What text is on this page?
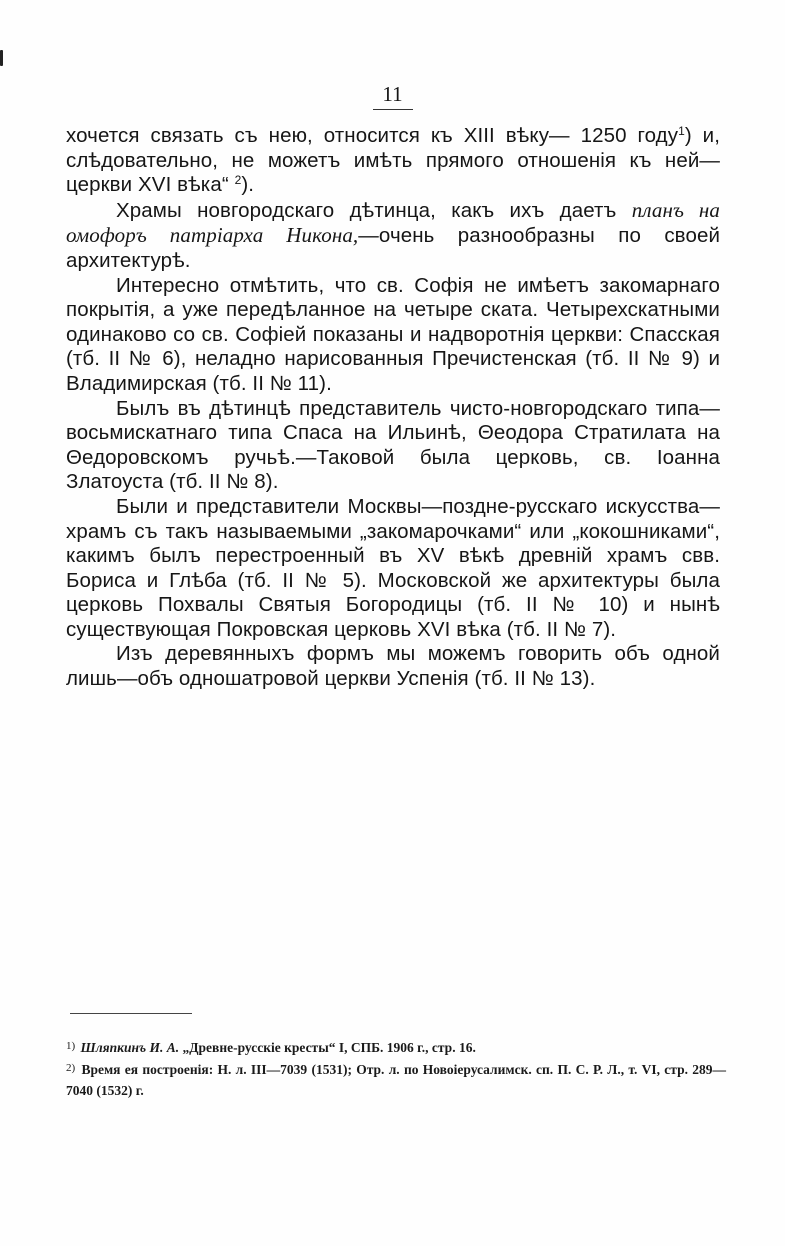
11

хочется связать съ нею, относится къ XIII вѣку— 1250 году$^1$) и, слѣдовательно, не можетъ имѣть прямого отношенія къ ней—церкви XVI вѣка“ $^2$).

Храмы новгородскаго дѣтинца, какъ ихъ даетъ планъ на омофоръ патріарха Никона,—очень разнообразны по своей архитектурѣ.

Интересно отмѣтить, что св. Софія не имѣетъ закомарнаго покрытія, а уже передѣланное на четыре ската. Четырехскатными одинаково со св. Софіей показаны и надворотнія церкви: Спасская (тб. II № 6), неладно нарисованныя Пречистенская (тб. II № 9) и Владимирская (тб. II № 11).

Былъ въ дѣтинцѣ представитель чисто-новгородскаго типа—восьмискатнаго типа Спаса на Ильинѣ, Θеодора Стратилата на Θедоровскомъ ручьѣ.—Таковой была церковь, св. Іоанна Златоуста (тб. II № 8).

Были и представители Москвы—поздне-русскаго искусства—храмъ съ такъ называемыми „закомарочками“ или „кокошниками“, какимъ былъ перестроенный въ XV вѣкѣ древній храмъ свв. Бориса и Глѣба (тб. II № 5). Московской же архитектуры была церковь Похвалы Святыя Богородицы (тб. II № 10) и нынѣ существующая Покровская церковь XVI вѣка (тб. II № 7).

Изъ деревянныхъ формъ мы можемъ говорить объ одной лишь—объ одношатровой церкви Успенія (тб. II № 13).

$^{1)}$ Шляпкинъ И. А. „Древне-русскіе кресты“ I, СПБ. 1906 г., стр. 16.

$^{2)}$ Время ея построенія: Н. л. III—7039 (1531); Отр. л. по Новоіерусалимск. сп. П. С. Р. Л., т. VI, стр. 289—7040 (1532) г.
